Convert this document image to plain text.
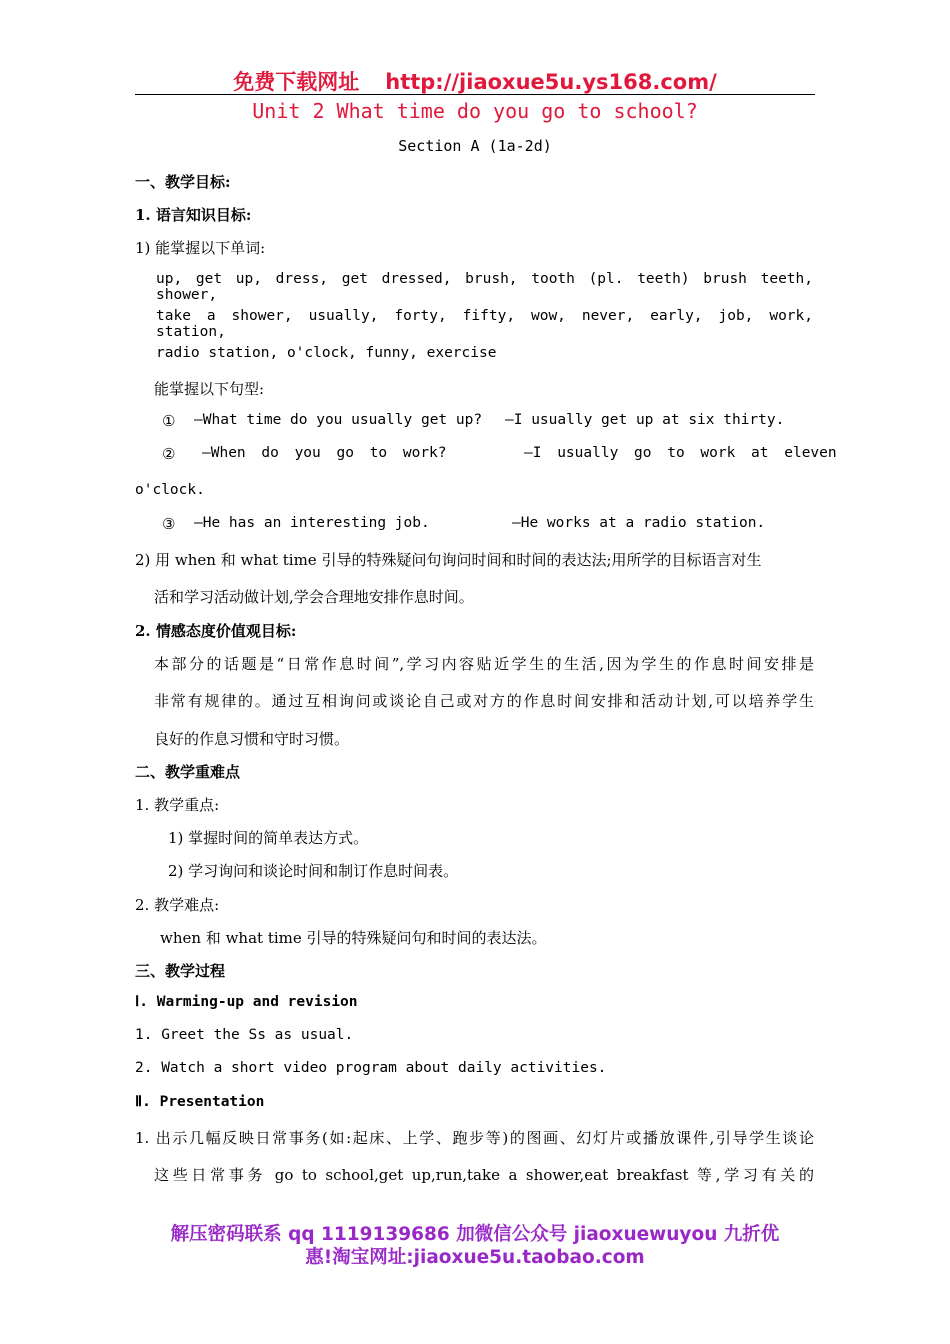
免费下载网址 http://jiaoxue5u.ys168.com/
Unit 2 What time do you go to school?
Section A (1a-2d)
一、教学目标:
1. 语言知识目标:
1) 能掌握以下单词:
up, get up, dress, get dressed, brush, tooth (pl. teeth) brush teeth, shower,
take a shower, usually, forty, fifty, wow, never, early, job, work, station,
radio station, o'clock, funny, exercise
能掌握以下句型:
① —What time do you usually get up? —I usually get up at six thirty.
② —When do you go to work?	—I usually go to work at eleven
o'clock.
③ —He has an interesting job.	—He works at a radio station.
2) 用 when 和 what time 引导的特殊疑问句询问时间和时间的表达法;用所学的目标语言对生
活和学习活动做计划,学会合理地安排作息时间。
2. 情感态度价值观目标:
本部分的话题是“日常作息时间”,学习内容贴近学生的生活,因为学生的作息时间安排是
非常有规律的。通过互相询问或谈论自己或对方的作息时间安排和活动计划,可以培养学生
良好的作息习惯和守时习惯。
二、教学重难点
1. 教学重点:
1) 掌握时间的简单表达方式。
2) 学习询问和谈论时间和制订作息时间表。
2. 教学难点:
when 和 what time 引导的特殊疑问句和时间的表达法。
三、教学过程
Ⅰ. Warming-up and revision
1. Greet the Ss as usual.
2. Watch a short video program about daily activities.
Ⅱ. Presentation
1. 出示几幅反映日常事务(如:起床、上学、跑步等)的图画、幻灯片或播放课件,引导学生谈论
这些日常事务 go to school,get up,run,take a shower,eat breakfast 等,学习有关的
解压密码联系 qq 1119139686 加微信公众号 jiaoxuewuyou 九折优
惠!淘宝网址:jiaoxue5u.taobao.com
